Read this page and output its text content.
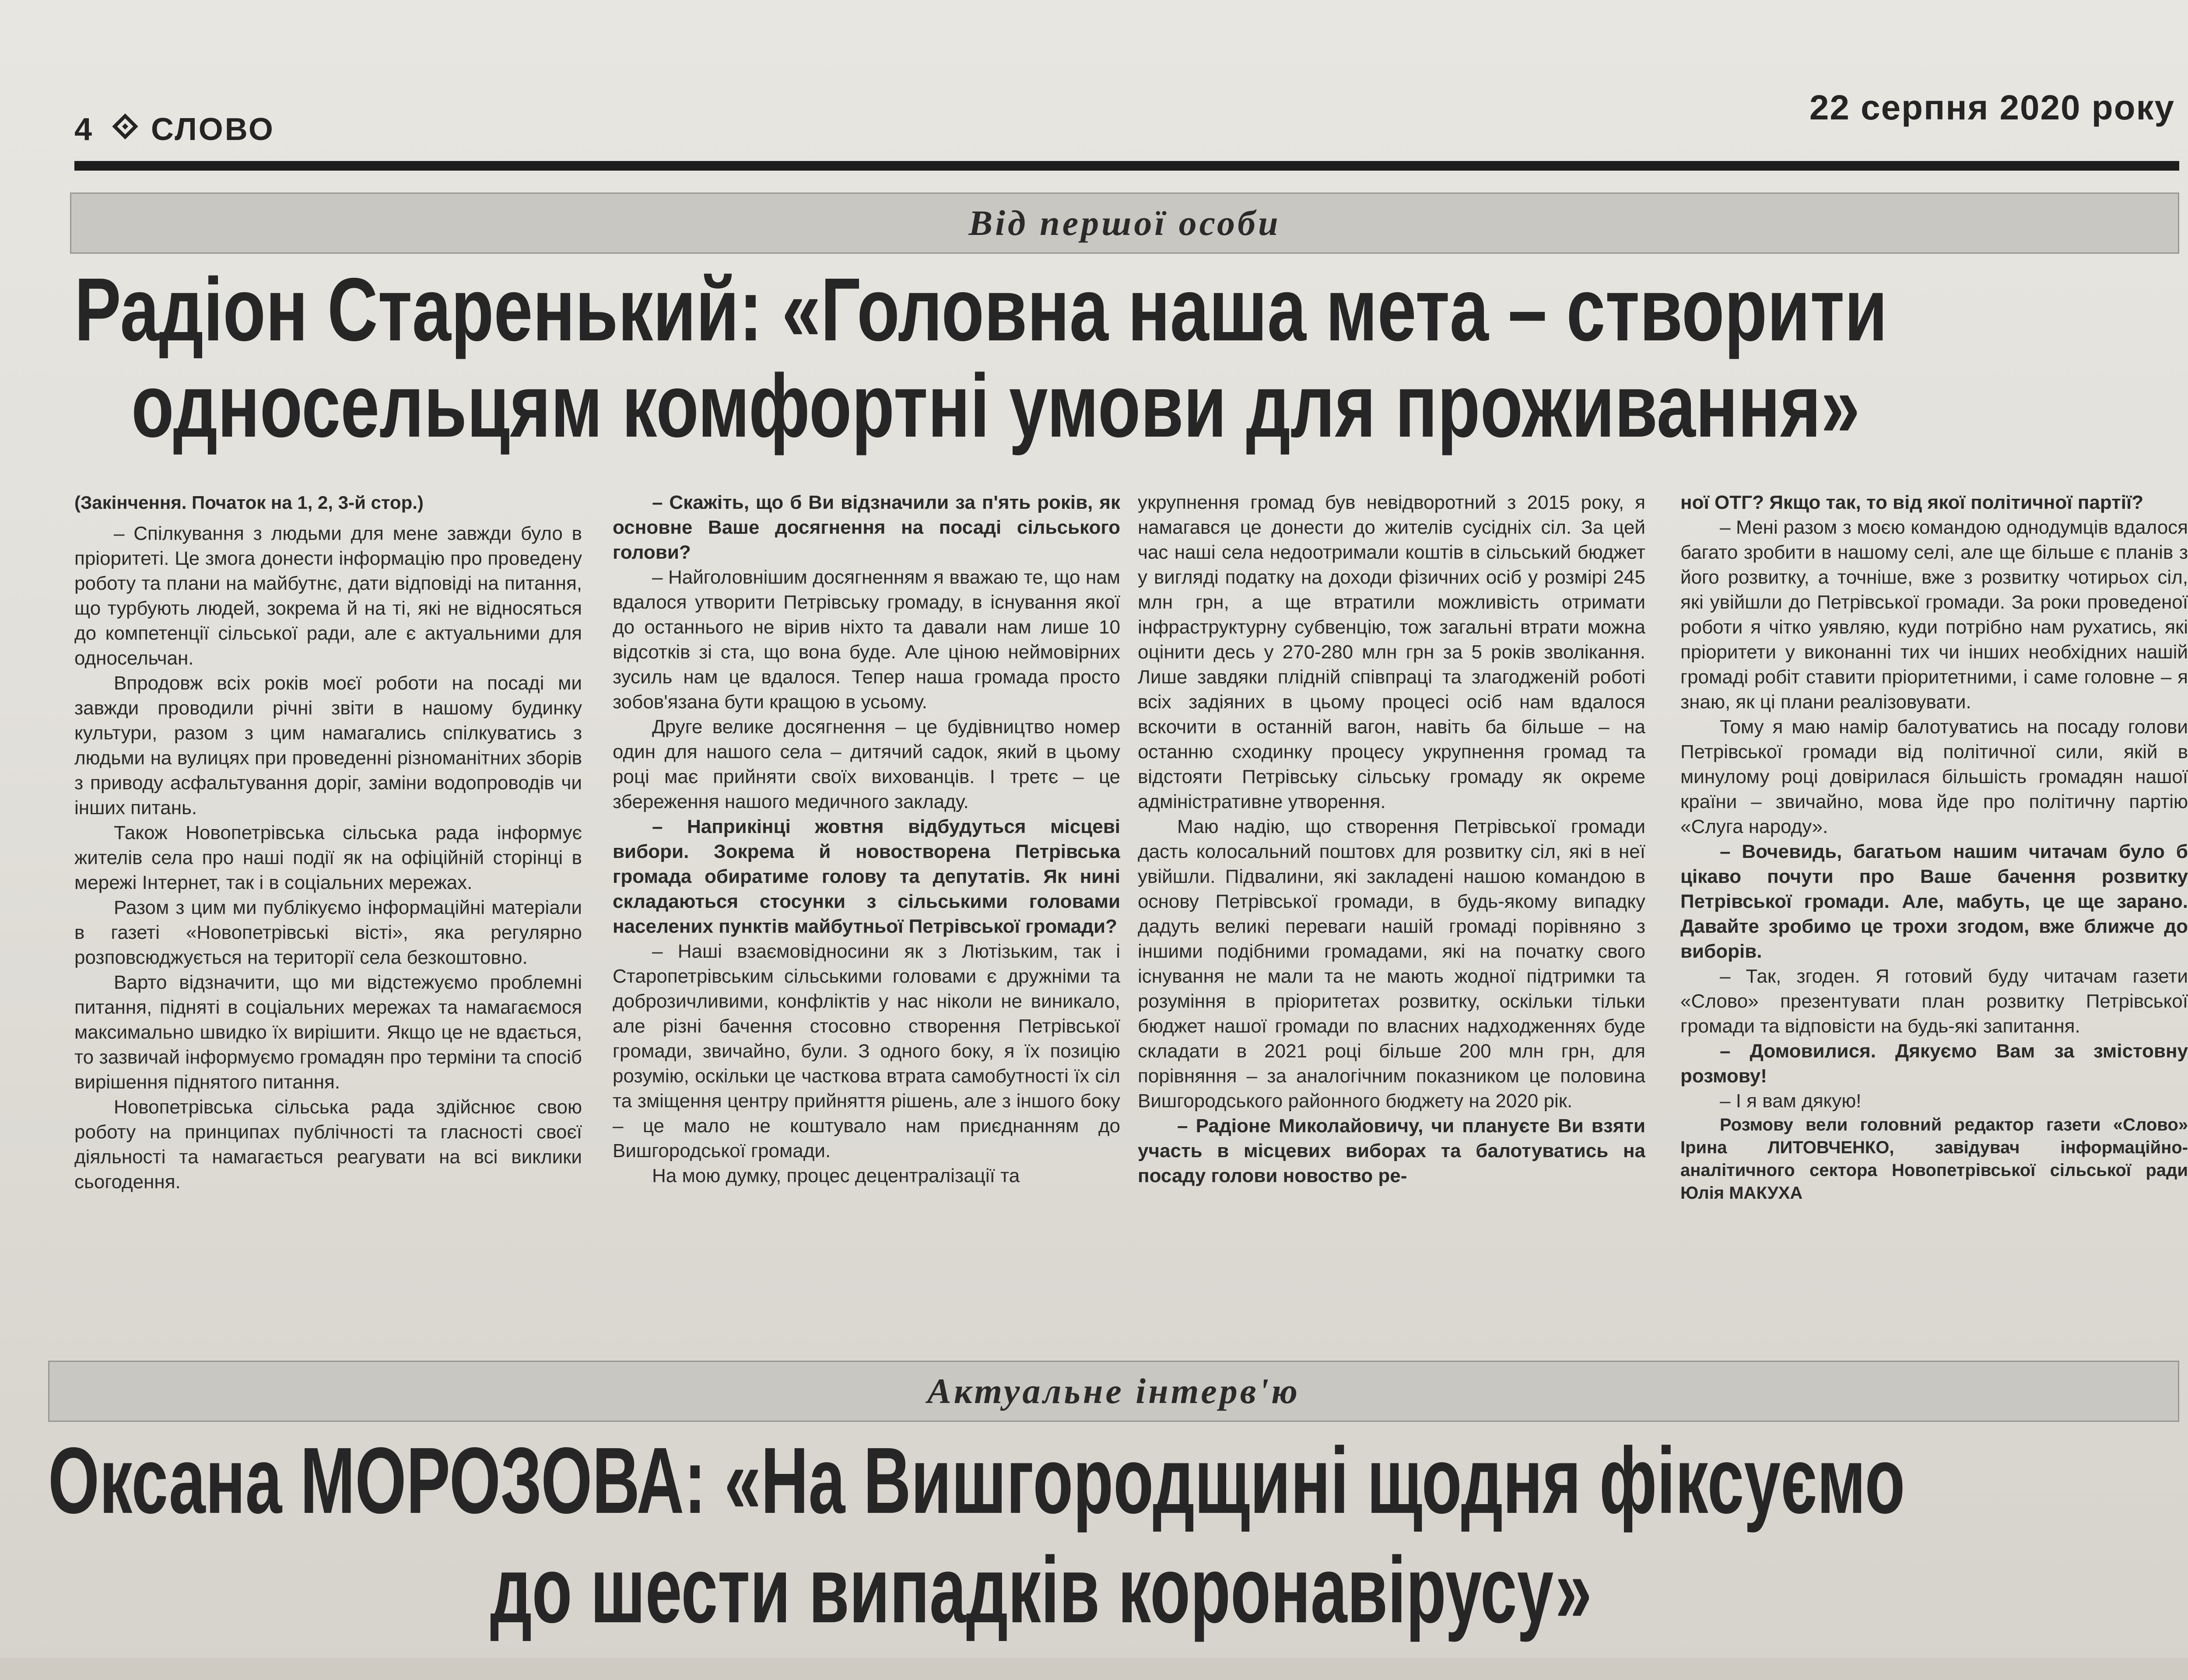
4 СЛОВО
22 серпня 2020 року
Від першої особи
Радіон Старенький: «Головна наша мета – створити
односельцям комфортні умови для проживання»

(Закінчення. Початок на 1, 2, 3-й стор.)

– Спілкування з людьми для мене завжди було в пріоритеті. Це змога донести інформацію про проведену роботу та плани на майбутнє, дати відповіді на питання, що турбують людей, зокрема й на ті, які не відносяться до компетенції сільської ради, але є актуальними для односельчан.

Впродовж всіх років моєї роботи на посаді ми завжди проводили річні звіти в нашому будинку культури, разом з цим намагались спілкуватись з людьми на вулицях при проведенні різноманітних зборів з приводу асфальтування доріг, заміни водопроводів чи інших питань.

Також Новопетрівська сільська рада інформує жителів села про наші події як на офіційній сторінці в мережі Інтернет, так і в соціальних мережах.

Разом з цим ми публікуємо інформаційні матеріали в газеті «Новопетрівські вісті», яка регулярно розповсюджується на території села безкоштовно.

Варто відзначити, що ми відстежуємо проблемні питання, підняті в соціальних мережах та намагаємося максимально швидко їх вирішити. Якщо це не вдається, то зазвичай інформуємо громадян про терміни та спосіб вирішення піднятого питання.

Новопетрівська сільська рада здійснює свою роботу на принципах публічності та гласності своєї діяльності та намагається реагувати на всі виклики сьогодення.

– Скажіть, що б Ви відзначили за п'ять років, як основне Ваше досягнення на посаді сільського голови?

– Найголовнішим досягненням я вважаю те, що нам вдалося утворити Петрівську громаду, в існування якої до останнього не вірив ніхто та давали нам лише 10 відсотків зі ста, що вона буде. Але ціною неймовірних зусиль нам це вдалося. Тепер наша громада просто зобов'язана бути кращою в усьому.

Друге велике досягнення – це будівництво номер один для нашого села – дитячий садок, який в цьому році має прийняти своїх вихованців. І третє – це збереження нашого медичного закладу.

– Наприкінці жовтня відбудуться місцеві вибори. Зокрема й новостворена Петрівська громада обиратиме голову та депутатів. Як нині складаються стосунки з сільськими головами населених пунктів майбутньої Петрівської громади?

– Наші взаємовідносини як з Лютізьким, так і Старопетрівським сільськими головами є дружніми та доброзичливими, конфліктів у нас ніколи не виникало, але різні бачення стосовно створення Петрівської громади, звичайно, були. З одного боку, я їх позицію розумію, оскільки це часткова втрата самобутності їх сіл та зміщення центру прийняття рішень, але з іншого боку – це мало не коштувало нам приєднанням до Вишгородської громади.

На мою думку, процес децентралізації та

укрупнення громад був невідворотний з 2015 року, я намагався це донести до жителів сусідніх сіл. За цей час наші села недоотримали коштів в сільський бюджет у вигляді податку на доходи фізичних осіб у розмірі 245 млн грн, а ще втратили можливість отримати інфраструктурну субвенцію, тож загальні втрати можна оцінити десь у 270-280 млн грн за 5 років зволікання. Лише завдяки плідній співпраці та злагодженій роботі всіх задіяних в цьому процесі осіб нам вдалося вскочити в останній вагон, навіть ба більше – на останню сходинку процесу укрупнення громад та відстояти Петрівську сільську громаду як окреме адміністративне утворення.

Маю надію, що створення Петрівської громади дасть колосальний поштовх для розвитку сіл, які в неї увійшли. Підвалини, які закладені нашою командою в основу Петрівської громади, в будь-якому випадку дадуть великі переваги нашій громаді порівняно з іншими подібними громадами, які на початку свого існування не мали та не мають жодної підтримки та розуміння в пріоритетах розвитку, оскільки тільки бюджет нашої громади по власних надходженнях буде складати в 2021 році більше 200 млн грн, для порівняння – за аналогічним показником це половина Вишгородського районного бюджету на 2020 рік.

– Радіоне Миколайовичу, чи плануєте Ви взяти участь в місцевих виборах та балотуватись на посаду голови новоство ре-

ної ОТГ? Якщо так, то від якої політичної партії?

– Мені разом з моєю командою однодумців вдалося багато зробити в нашому селі, але ще більше є планів з його розвитку, а точніше, вже з розвитку чотирьох сіл, які увійшли до Петрівської громади. За роки проведеної роботи я чітко уявляю, куди потрібно нам рухатись, які пріоритети у виконанні тих чи інших необхідних нашій громаді робіт ставити пріоритетними, і саме головне – я знаю, як ці плани реалізовувати.

Тому я маю намір балотуватись на посаду голови Петрівської громади від політичної сили, якій в минулому році довірилася більшість громадян нашої країни – звичайно, мова йде про політичну партію «Слуга народу».

– Вочевидь, багатьом нашим читачам було б цікаво почути про Ваше бачення розвитку Петрівської громади. Але, мабуть, це ще зарано. Давайте зробимо це трохи згодом, вже ближче до виборів.

– Так, згоден. Я готовий буду читачам газети «Слово» презентувати план розвитку Петрівської громади та відповісти на будь-які запитання.

– Домовилися. Дякуємо Вам за змістовну розмову!

– І я вам дякую!

Розмову вели головний редактор газети «Слово» Ірина ЛИТОВЧЕНКО, завідувач інформаційно-аналітичного сектора Новопетрівської сільської ради Юлія МАКУХА

Актуальне інтерв'ю
Оксана МОРОЗОВА: «На Вишгородщині щодня фіксуємо
до шести випадків коронавірусу»
